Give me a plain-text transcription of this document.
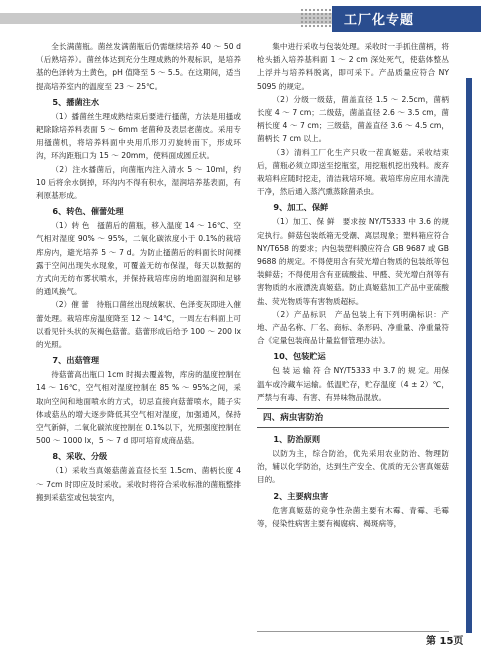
工厂化专题

全长满菌瓶。菌丝发满菌瓶后仍需继续培养 40 ～ 50 d（后熟培养）。菌丝体达到充分生理成熟的外观标识，是培养基的色泽转为土黄色，pH 值降至 5 ～ 5.5。在这期间，适当提高培养室内的温度至 23 ～ 25℃。

5、播菌注水

（1）播菌丝生理成熟结束后要进行搔菌，方法是用搔或耙除除培养料表面 5 ～ 6mm 老菌种及表层老菌皮。采用专用搔菌机，将培养料面中央用爪形刀刃旋转而下，形成环沟，环沟距瓶口为 15 ～ 20mm，使料面成圆丘状。

（2）注水播菌后，向菌瓶内注入清水 5 ～ 10ml，约 10 后将余水倒掉，环沟内不得有积水，湿润培养基表面，有利原基形成。

6、转色、催蕾处理

（1）转 色　搔菌后的菌瓶，移入温度 14 ～ 16℃、空气相对湿度 90% ～ 95%，二氧化碳浓度小于 0.1%的栽培库房内，避光培养 5 ～ 7 d。为防止搔菌后的料面长时间裸露于空间出现失水现象，可覆盖无纺布保湿，每天以数据的方式向无纺布雾状喷水，并保持栽培库房的地面湿润和足够的通风换气。

（2）催 蕾　待瓶口菌丝出现绒絮状、色泽变灰即进入催蕾处理。栽培库房温度降至 12 ～ 14℃，一周左右料面上可以看见针头状的灰褐色菇蕾。菇蕾形成后给予 100 ～ 200 lx 的光照。

7、出菇管理

待菇蕾高出瓶口 1cm 时揭去覆盖物，库房的温度控制在 14 ～ 16℃，空气相对湿度控制在 85 % ～ 95%之间，采取向空间和地面喷水的方式，切忌直接向菇蕾喷水，随子实体或菇丛的增大逐步降低其空气相对湿度，加强通风，保持空气新鲜，二氧化碳浓度控制在 0.1%以下，光照强度控制在 500 ～ 1000 lx，5 ～ 7 d 即可培育成商品菇。

8、采收、分级

（1）采收当真姬菇菌盖直径长至 1.5cm、菌柄长度 4 ～ 7cm 时即应及时采收。采收时将符合采收标准的菌瓶整排搬到采菇室或包装室内，

集中进行采收与包装处理。采收时一手抓住菌柄，将枪头插入培养基料面 1 ～ 2 cm 深处死气，使菇体整丛上浮并与培养料脱离，即可采下。产品质量应符合 NY 5095 的规定。

（2）分级一级菇，菌盖直径 1.5 ～ 2.5cm，菌柄长度 4 ～ 7 cm；二级菇，菌盖直径 2.6 ～ 3.5 cm，菌柄长度 4 ～ 7 cm；三级菇，菌盖直径 3.6 ～ 4.5 cm，菌柄长 7 cm 以上。

（3）清料工厂化生产只收一茬真姬菇。采收结束后，菌瓶必须立即送至挖瓶室，用挖瓶机挖出残料。废弃栽培料应随时挖走，清洁栽培环境。栽培库房应用水清洗干净，然后通入蒸汽熏蒸除菌杀虫。

9、加工、保鲜

（1）加工、保 鲜　要求按 NY/T5333 中 3.6 的规定执行。鲜菇包装纸箱无受潮、离层现象；塑料箱应符合 NY/T658 的要求；内包装塑料膜应符合 GB 9687 或 GB 9688 的规定。不得使用含有荧光增白物质的包装纸等包装鲜菇；不得使用含有亚硫酸盐、甲醛、荧光增白剂等有害物质的水液漂洗真姬菇。防止真姬菇加工产品中亚硫酸盐、荧光物质等有害物质超标。

（2）产品标识　产品包装上有下列明确标识：产地、产品名称、厂名、商标、条形码、净重量、净重量符合《定量包装商品计量监督管理办法》。

10、包装贮运

包 装 运 输 符 合 NY/T5333 中 3.7 的 规 定。用保温车或冷藏车运输。低温贮存，贮存温度（4 ± 2）℃，严禁与有毒、有害、有异味物品混放。

四、病虫害防治
1、防治原则

以防为主，综合防治，优先采用农业防治、物理防治，辅以化学防治，达到生产安全、优质的无公害真姬菇目的。

2、主要病虫害

危害真姬菇的竞争性杂菌主要有木霉、青霉、毛霉等，侵染性病害主要有褐腐病、褐斑病等，

第 15页
